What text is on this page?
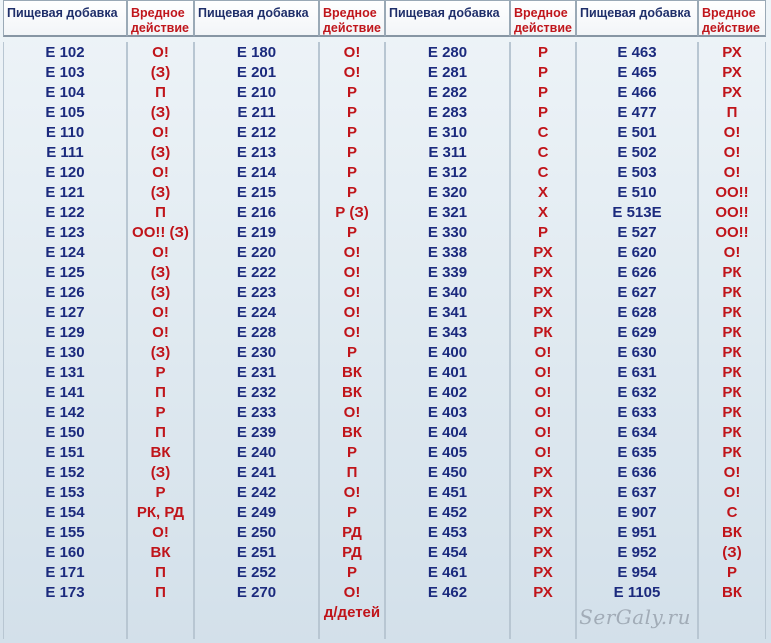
Пищевая добавка
E 102
E 103
E 104
E 105
E 110
E 111
E 120
E 121
E 122
E 123
E 124
E 125
E 126
E 127
E 129
E 130
E 131
E 141
E 142
E 150
E 151
E 152
E 153
E 154
E 155
E 160
E 171
E 173
Вредное
действие
О!
(З)
П
(З)
О!
(З)
О!
(З)
П
ОО!! (З)
О!
(З)
(З)
О!
О!
(З)
Р
П
Р
П
ВК
(З)
Р
РК, РД
О!
ВК
П
П
Пищевая добавка
E 180
E 201
E 210
E 211
E 212
E 213
E 214
E 215
E 216
E 219
E 220
E 222
E 223
E 224
E 228
E 230
E 231
E 232
E 233
E 239
E 240
E 241
E 242
E 249
E 250
E 251
E 252
E 270
Вредное
действие
О!
О!
Р
Р
Р
Р
Р
Р
Р (З)
Р
О!
О!
О!
О!
О!
Р
ВК
ВК
О!
ВК
Р
П
О!
Р
РД
РД
Р
О!
д/детей
Пищевая добавка
E 280
E 281
E 282
E 283
E 310
E 311
E 312
E 320
E 321
E 330
E 338
E 339
E 340
E 341
E 343
E 400
E 401
E 402
E 403
E 404
E 405
E 450
E 451
E 452
E 453
E 454
E 461
E 462
Вредное
действие
Р
Р
Р
Р
С
С
С
Х
Х
Р
РХ
РХ
РХ
РХ
РК
О!
О!
О!
О!
О!
О!
РХ
РХ
РХ
РХ
РХ
РХ
РХ
Пищевая добавка
E 463
E 465
E 466
E 477
E 501
E 502
E 503
E 510
E 513E
E 527
E 620
E 626
E 627
E 628
E 629
E 630
E 631
E 632
E 633
E 634
E 635
E 636
E 637
E 907
E 951
E 952
E 954
E 1105
Вредное
действие
РХ
РХ
РХ
П
О!
О!
О!
ОО!!
ОО!!
ОО!!
О!
РК
РК
РК
РК
РК
РК
РК
РК
РК
РК
О!
О!
С
ВК
(З)
Р
ВК
SerGaly.ru
